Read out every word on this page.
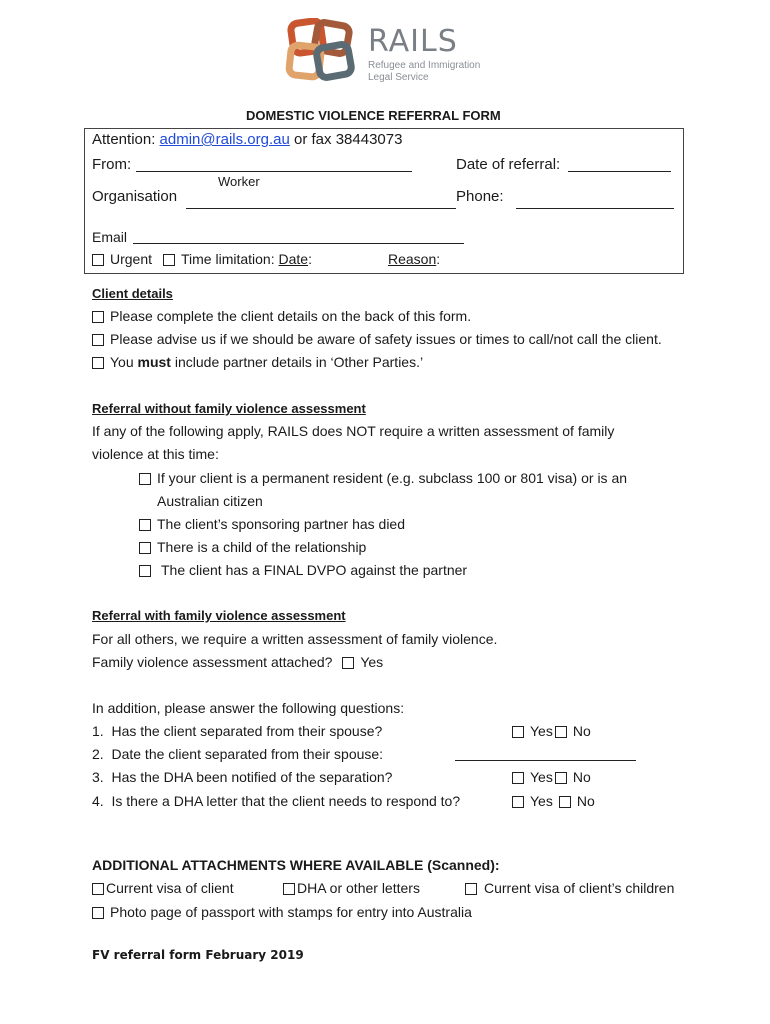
RAILS
Refugee and Immigration
Legal Service
DOMESTIC VIOLENCE REFERRAL FORM
Attention: admin@rails.org.au or fax 38443073
From:
Worker
Date of referral:
Organisation	Phone:
Email
Urgent	Time limitation: Date:	Reason:
Client details
Please complete the client details on the back of this form.
Please advise us if we should be aware of safety issues or times to call/not call the client.
You must include partner details in ‘Other Parties.’
Referral without family violence assessment
If any of the following apply, RAILS does NOT require a written assessment of family
violence at this time:
If your client is a permanent resident (e.g. subclass 100 or 801 visa) or is an
Australian citizen
The client’s sponsoring partner has died
There is a child of the relationship
The client has a FINAL DVPO against the partner
Referral with family violence assessment
For all others, we require a written assessment of family violence.
Family violence assessment attached? Yes
In addition, please answer the following questions:
1. Has the client separated from their spouse?	Yes No
2. Date the client separated from their spouse:
3. Has the DHA been notified of the separation?	Yes No
4. Is there a DHA letter that the client needs to respond to?	Yes No
ADDITIONAL ATTACHMENTS WHERE AVAILABLE (Scanned):
Current visa of client	DHA or other letters	Current visa of client’s children
Photo page of passport with stamps for entry into Australia
FV referral form February 2019
